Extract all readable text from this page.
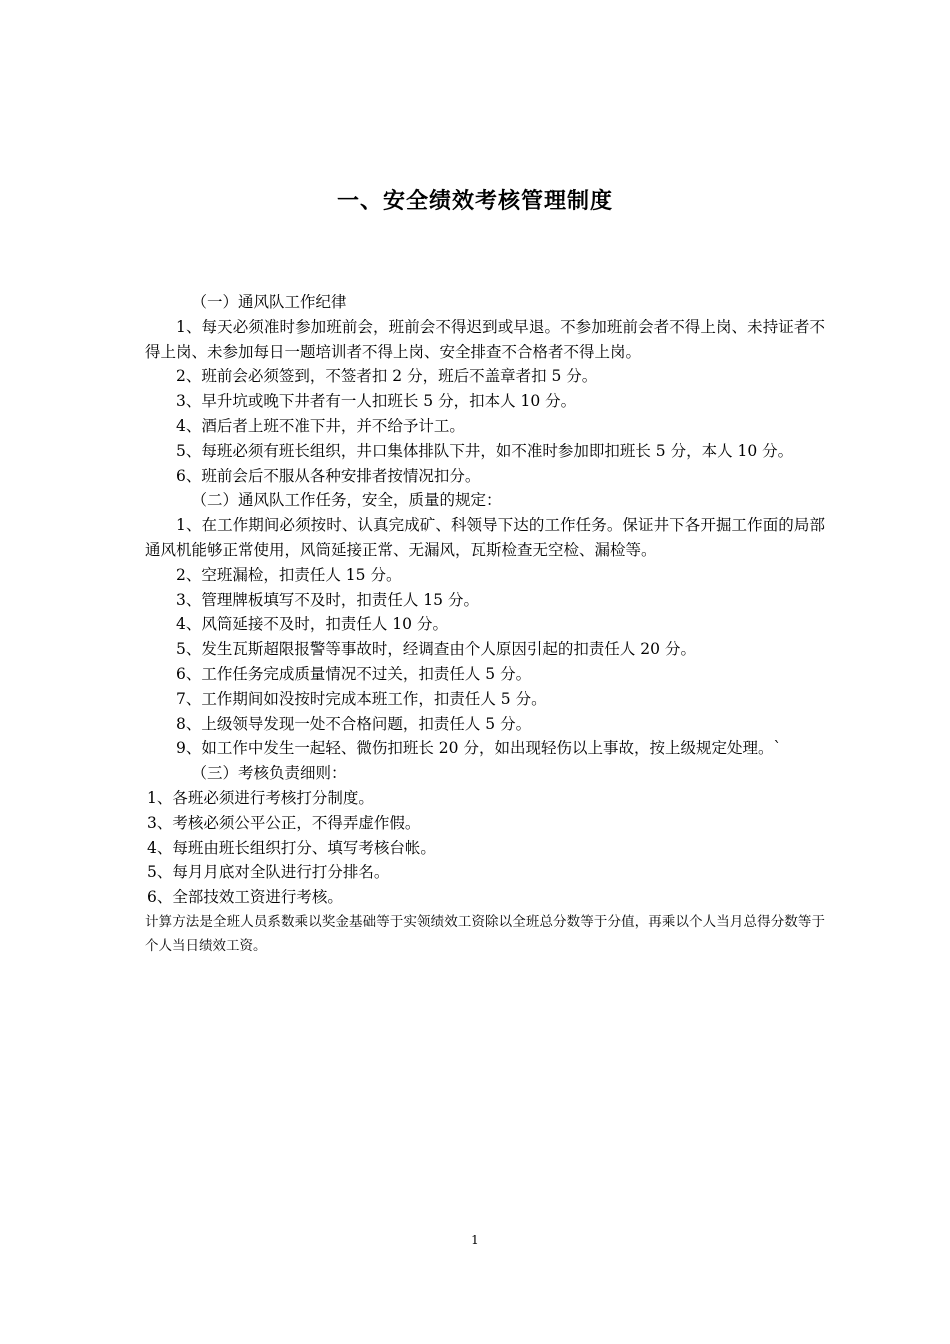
一、安全绩效考核管理制度

（一）通风队工作纪律

1、每天必须准时参加班前会，班前会不得迟到或早退。不参加班前会者不得上岗、未持证者不得上岗、未参加每日一题培训者不得上岗、安全排查不合格者不得上岗。

2、班前会必须签到，不签者扣 2 分，班后不盖章者扣 5 分。

3、早升坑或晚下井者有一人扣班长 5 分，扣本人 10 分。

4、酒后者上班不准下井，并不给予计工。

5、每班必须有班长组织，井口集体排队下井，如不准时参加即扣班长 5 分，本人 10 分。

6、班前会后不服从各种安排者按情况扣分。

（二）通风队工作任务，安全，质量的规定：

1、在工作期间必须按时、认真完成矿、科领导下达的工作任务。保证井下各开掘工作面的局部通风机能够正常使用，风筒延接正常、无漏风，瓦斯检查无空检、漏检等。

2、空班漏检，扣责任人 15 分。

3、管理牌板填写不及时，扣责任人 15 分。

4、风筒延接不及时，扣责任人 10 分。

5、发生瓦斯超限报警等事故时，经调查由个人原因引起的扣责任人 20 分。

6、工作任务完成质量情况不过关，扣责任人 5 分。

7、工作期间如没按时完成本班工作，扣责任人 5 分。

8、上级领导发现一处不合格问题，扣责任人 5 分。

9、如工作中发生一起轻、微伤扣班长 20 分，如出现轻伤以上事故，按上级规定处理。`

（三）考核负责细则：

1、各班必须进行考核打分制度。

3、考核必须公平公正，不得弄虚作假。

4、每班由班长组织打分、填写考核台帐。

5、每月月底对全队进行打分排名。

6、全部技效工资进行考核。

计算方法是全班人员系数乘以奖金基础等于实领绩效工资除以全班总分数等于分值，再乘以个人当月总得分数等于个人当日绩效工资。

1
